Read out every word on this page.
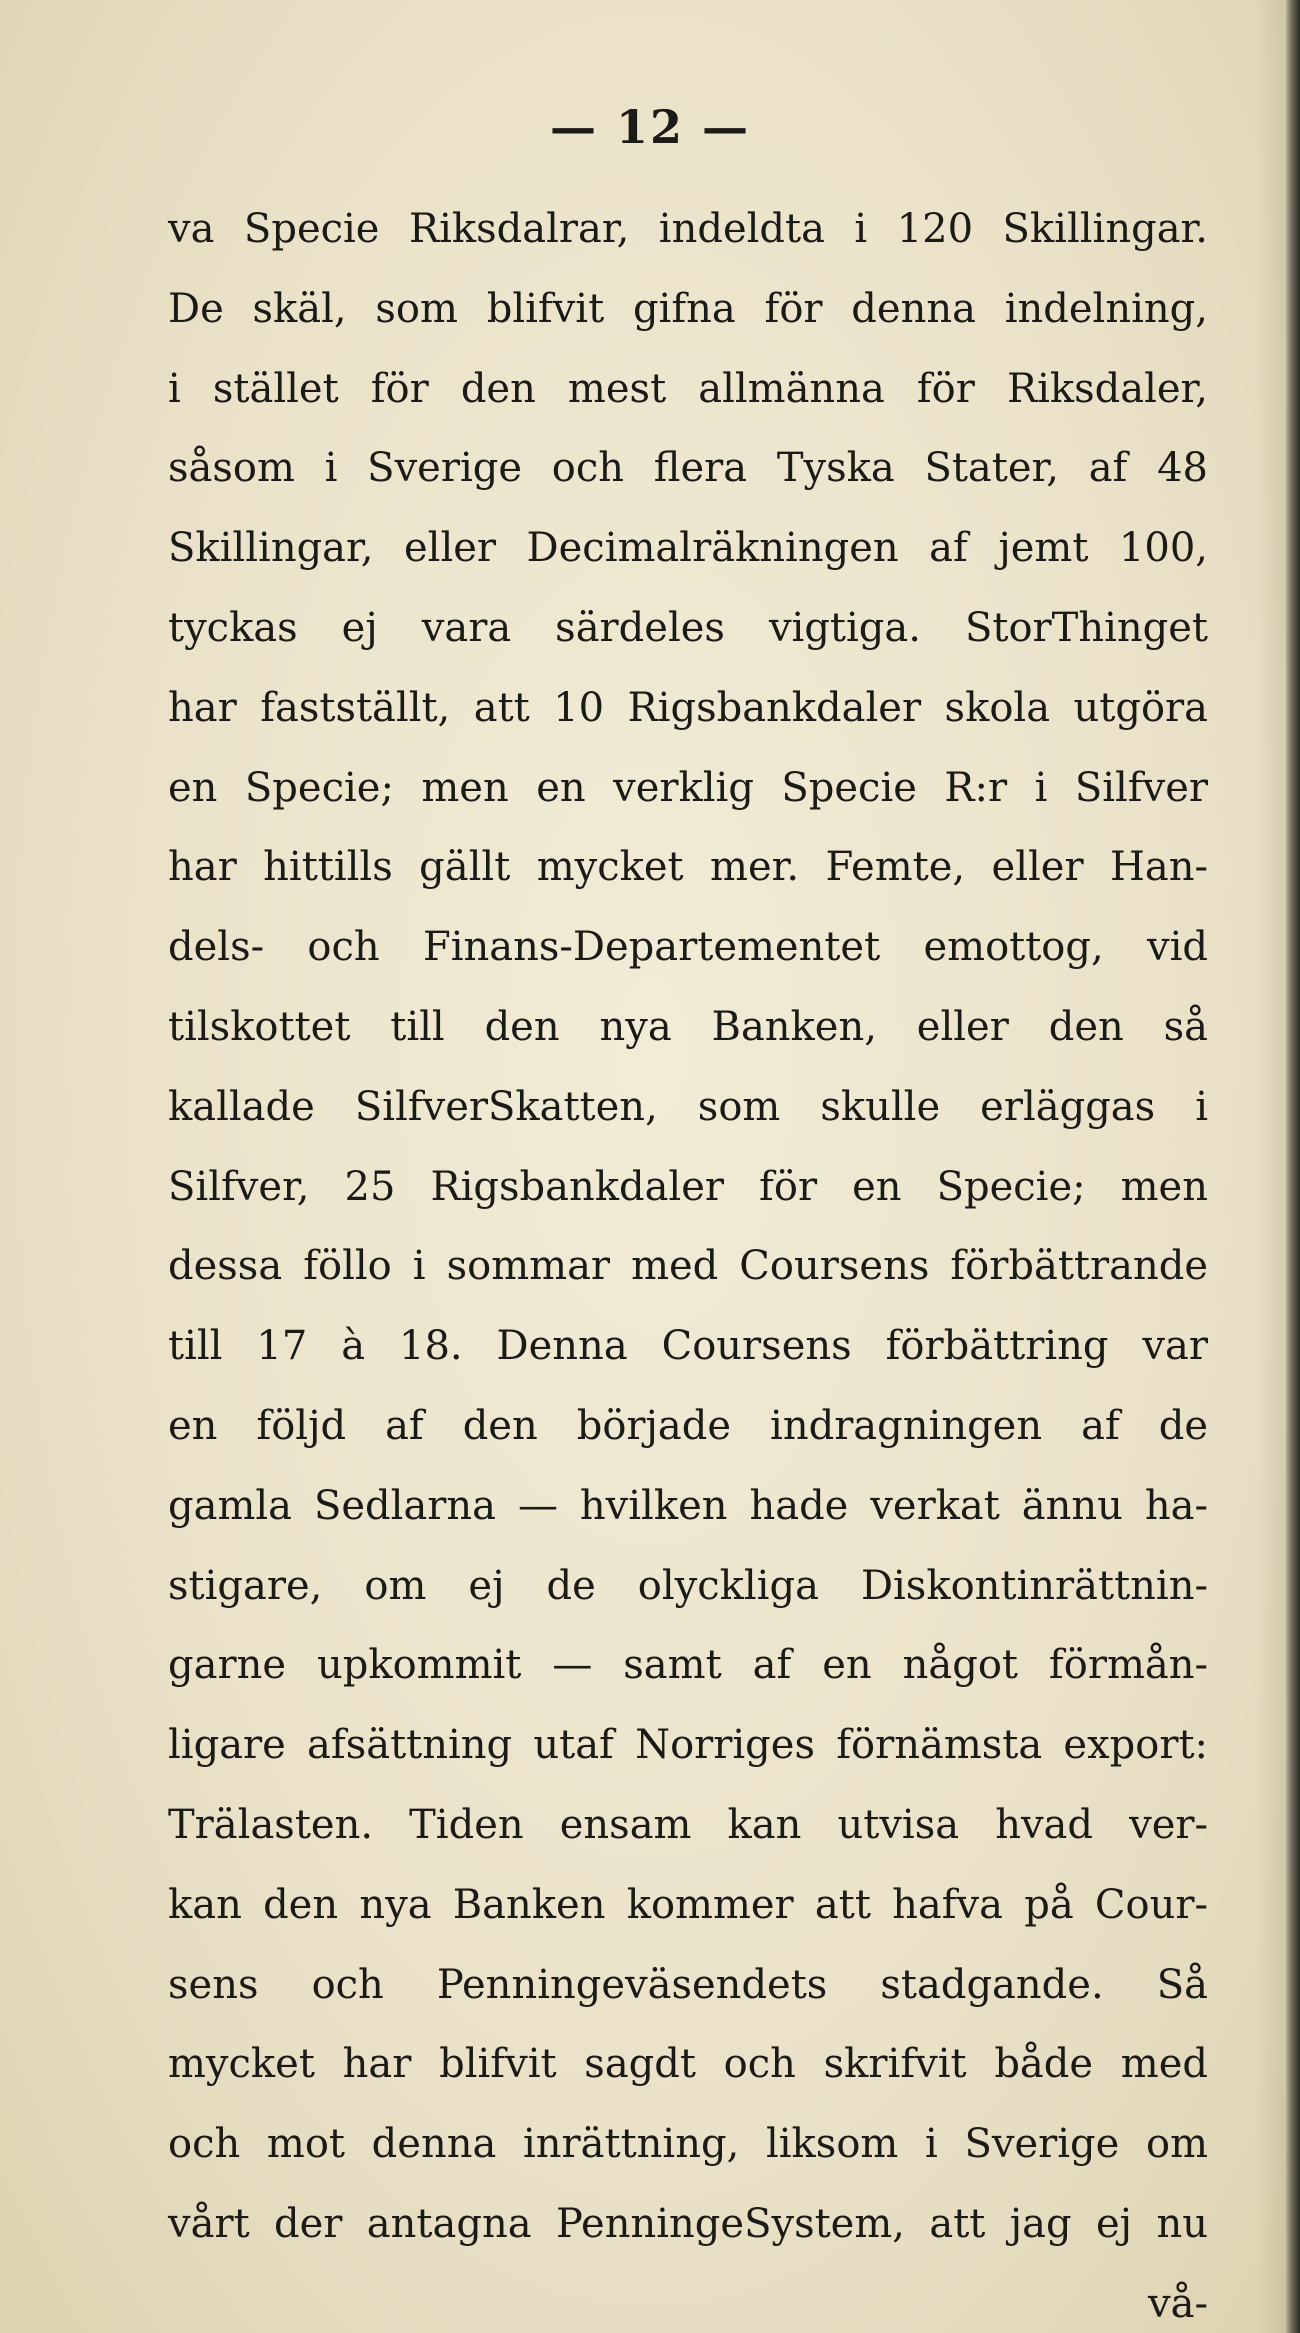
— 12 —
va Specie Riksdalrar, indeldta i 120 Skillingar.
De skäl, som blifvit gifna för denna indelning,
i stället för den mest allmänna för Riksdaler,
såsom i Sverige och flera Tyska Stater, af 48
Skillingar, eller Decimalräkningen af jemt 100,
tyckas ej vara särdeles vigtiga. StorThinget
har fastställt, att 10 Rigsbankdaler skola utgöra
en Specie; men en verklig Specie R:r i Silfver
har hittills gällt mycket mer. Femte, eller Han-
dels- och Finans-Departementet emottog, vid
tilskottet till den nya Banken, eller den så
kallade SilfverSkatten, som skulle erläggas i
Silfver, 25 Rigsbankdaler för en Specie; men
dessa föllo i sommar med Coursens förbättrande
till 17 à 18. Denna Coursens förbättring var
en följd af den började indragningen af de
gamla Sedlarna — hvilken hade verkat ännu ha-
stigare, om ej de olyckliga Diskontinrättnin-
garne upkommit — samt af en något förmån-
ligare afsättning utaf Norriges förnämsta export:
Trälasten. Tiden ensam kan utvisa hvad ver-
kan den nya Banken kommer att hafva på Cour-
sens och Penningeväsendets stadgande. Så
mycket har blifvit sagdt och skrifvit både med
och mot denna inrättning, liksom i Sverige om
vårt der antagna PenningeSystem, att jag ej nu
vå-
